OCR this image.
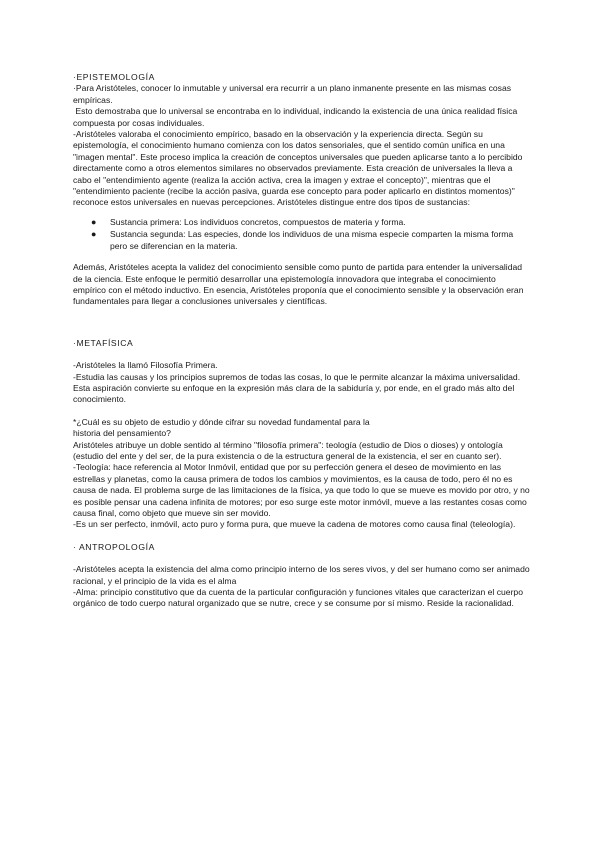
·EPISTEMOLOGÍA

·Para Aristóteles, conocer lo inmutable y universal era recurrir a un plano inmanente presente en las mismas cosas empíricas.

Esto demostraba que lo universal se encontraba en lo individual, indicando la existencia de una única realidad física compuesta por cosas individuales.

-Aristóteles valoraba el conocimiento empírico, basado en la observación y la experiencia directa. Según su epistemología, el conocimiento humano comienza con los datos sensoriales, que el sentido común unifica en una "imagen mental". Este proceso implica la creación de conceptos universales que pueden aplicarse tanto a lo percibido directamente como a otros elementos similares no observados previamente. Esta creación de universales la lleva a cabo el "entendimiento agente (realiza la acción activa, crea la imagen y extrae el concepto)", mientras que el "entendimiento paciente (recibe la acción pasiva, guarda ese concepto para poder aplicarlo en distintos momentos)" reconoce estos universales en nuevas percepciones. Aristóteles distingue entre dos tipos de sustancias:

● Sustancia primera: Los individuos concretos, compuestos de materia y forma.
● Sustancia segunda: Las especies, donde los individuos de una misma especie comparten la misma forma pero se diferencian en la materia.

Además, Aristóteles acepta la validez del conocimiento sensible como punto de partida para entender la universalidad de la ciencia. Este enfoque le permitió desarrollar una epistemología innovadora que integraba el conocimiento empírico con el método inductivo. En esencia, Aristóteles proponía que el conocimiento sensible y la observación eran fundamentales para llegar a conclusiones universales y científicas.

·METAFÍSICA

-Aristóteles la llamó Filosofía Primera.

-Estudia las causas y los principios supremos de todas las cosas, lo que le permite alcanzar la máxima universalidad. Esta aspiración convierte su enfoque en la expresión más clara de la sabiduría y, por ende, en el grado más alto del conocimiento.

*¿Cuál es su objeto de estudio y dónde cifrar su novedad fundamental para la historia del pensamiento?

Aristóteles atribuye un doble sentido al término "filosofía primera": teología (estudio de Dios o dioses) y ontología (estudio del ente y del ser, de la pura existencia o de la estructura general de la existencia, el ser en cuanto ser).

-Teología: hace referencia al Motor Inmóvil, entidad que por su perfección genera el deseo de movimiento en las estrellas y planetas, como la causa primera de todos los cambios y movimientos, es la causa de todo, pero él no es causa de nada. El problema surge de las limitaciones de la física, ya que todo lo que se mueve es movido por otro, y no es posible pensar una cadena infinita de motores; por eso surge este motor inmóvil, mueve a las restantes cosas como causa final, como objeto que mueve sin ser movido.

-Es un ser perfecto, inmóvil, acto puro y forma pura, que mueve la cadena de motores como causa final (teleología).

· ANTROPOLOGÍA

-Aristóteles acepta la existencia del alma como principio interno de los seres vivos, y del ser humano como ser animado racional, y el principio de la vida es el alma

-Alma: principio constitutivo que da cuenta de la particular configuración y funciones vitales que caracterizan el cuerpo orgánico de todo cuerpo natural organizado que se nutre, crece y se consume por sí mismo. Reside la racionalidad.
